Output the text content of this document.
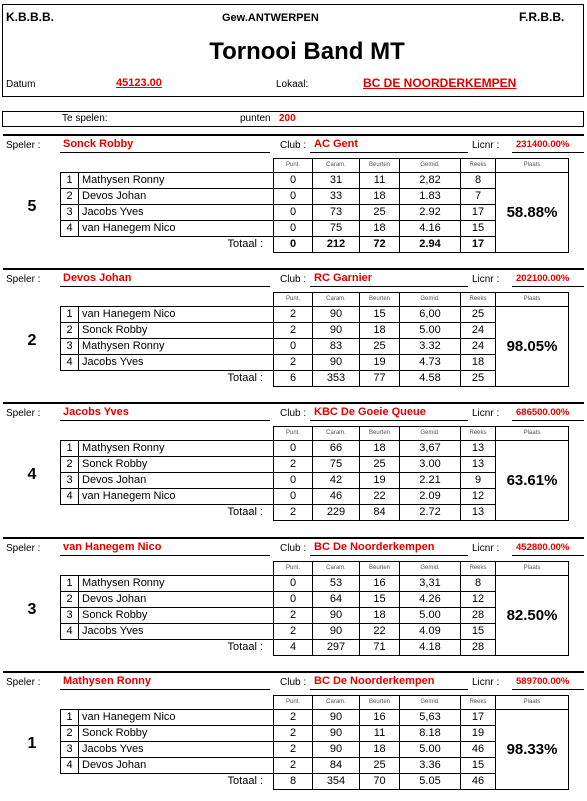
K.B.B.B.	Gew.ANTWERPEN	F.R.B.B.
Tornooi Band MT
Datum	45123.00	Lokaal:	BC DE NOORDERKEMPEN
Te spelen:	punten 200
Speler : Sonck Robby	Club : AC Gent	Licnr : 231400.00%
5
		Punt.	Caram.	Beurten	Gemid.	Reeks	Plaats
1	Mathysen Ronny	0	31	11	2,82	8	58.88%
2	Devos Johan	0	33	18	1.83	7	
3	Jacobs Yves	0	73	25	2.92	17	
4	van Hanegem Nico	0	75	18	4.16	15	
Totaal :		0	212	72	2.94	17	
Speler : Devos Johan	Club : RC Garnier	Licnr : 202100.00%
2
		Punt.	Caram.	Beurten	Gemid.	Reeks	Plaats
1	van Hanegem Nico	2	90	15	6,00	25	98.05%
2	Sonck Robby	2	90	18	5.00	24	
3	Mathysen Ronny	0	83	25	3.32	24	
4	Jacobs Yves	2	90	19	4.73	18	
Totaal :		6	353	77	4.58	25	
Speler : Jacobs Yves	Club : KBC De Goeie Queue	Licnr : 686500.00%
4
		Punt.	Caram.	Beurten	Gemid.	Reeks	Plaats
1	Mathysen Ronny	0	66	18	3,67	13	63.61%
2	Sonck Robby	2	75	25	3.00	13	
3	Devos Johan	0	42	19	2.21	9	
4	van Hanegem Nico	0	46	22	2.09	12	
Totaal :		2	229	84	2.72	13	
Speler : van Hanegem Nico	Club : BC De Noorderkempen	Licnr : 452800.00%
3
		Punt.	Caram.	Beurten	Gemid.	Reeks	Plaats
1	Mathysen Ronny	0	53	16	3,31	8	82.50%
2	Devos Johan	0	64	15	4.26	12	
3	Sonck Robby	2	90	18	5.00	28	
4	Jacobs Yves	2	90	22	4.09	15	
Totaal :		4	297	71	4.18	28	
Speler : Mathysen Ronny	Club : BC De Noorderkempen	Licnr : 589700.00%
1
		Punt.	Caram.	Beurten	Gemid.	Reeks	Plaats
1	van Hanegem Nico	2	90	16	5,63	17	98.33%
2	Sonck Robby	2	90	11	8.18	19	
3	Jacobs Yves	2	90	18	5.00	46	
4	Devos Johan	2	84	25	3.36	15	
Totaal :		8	354	70	5.05	46	
